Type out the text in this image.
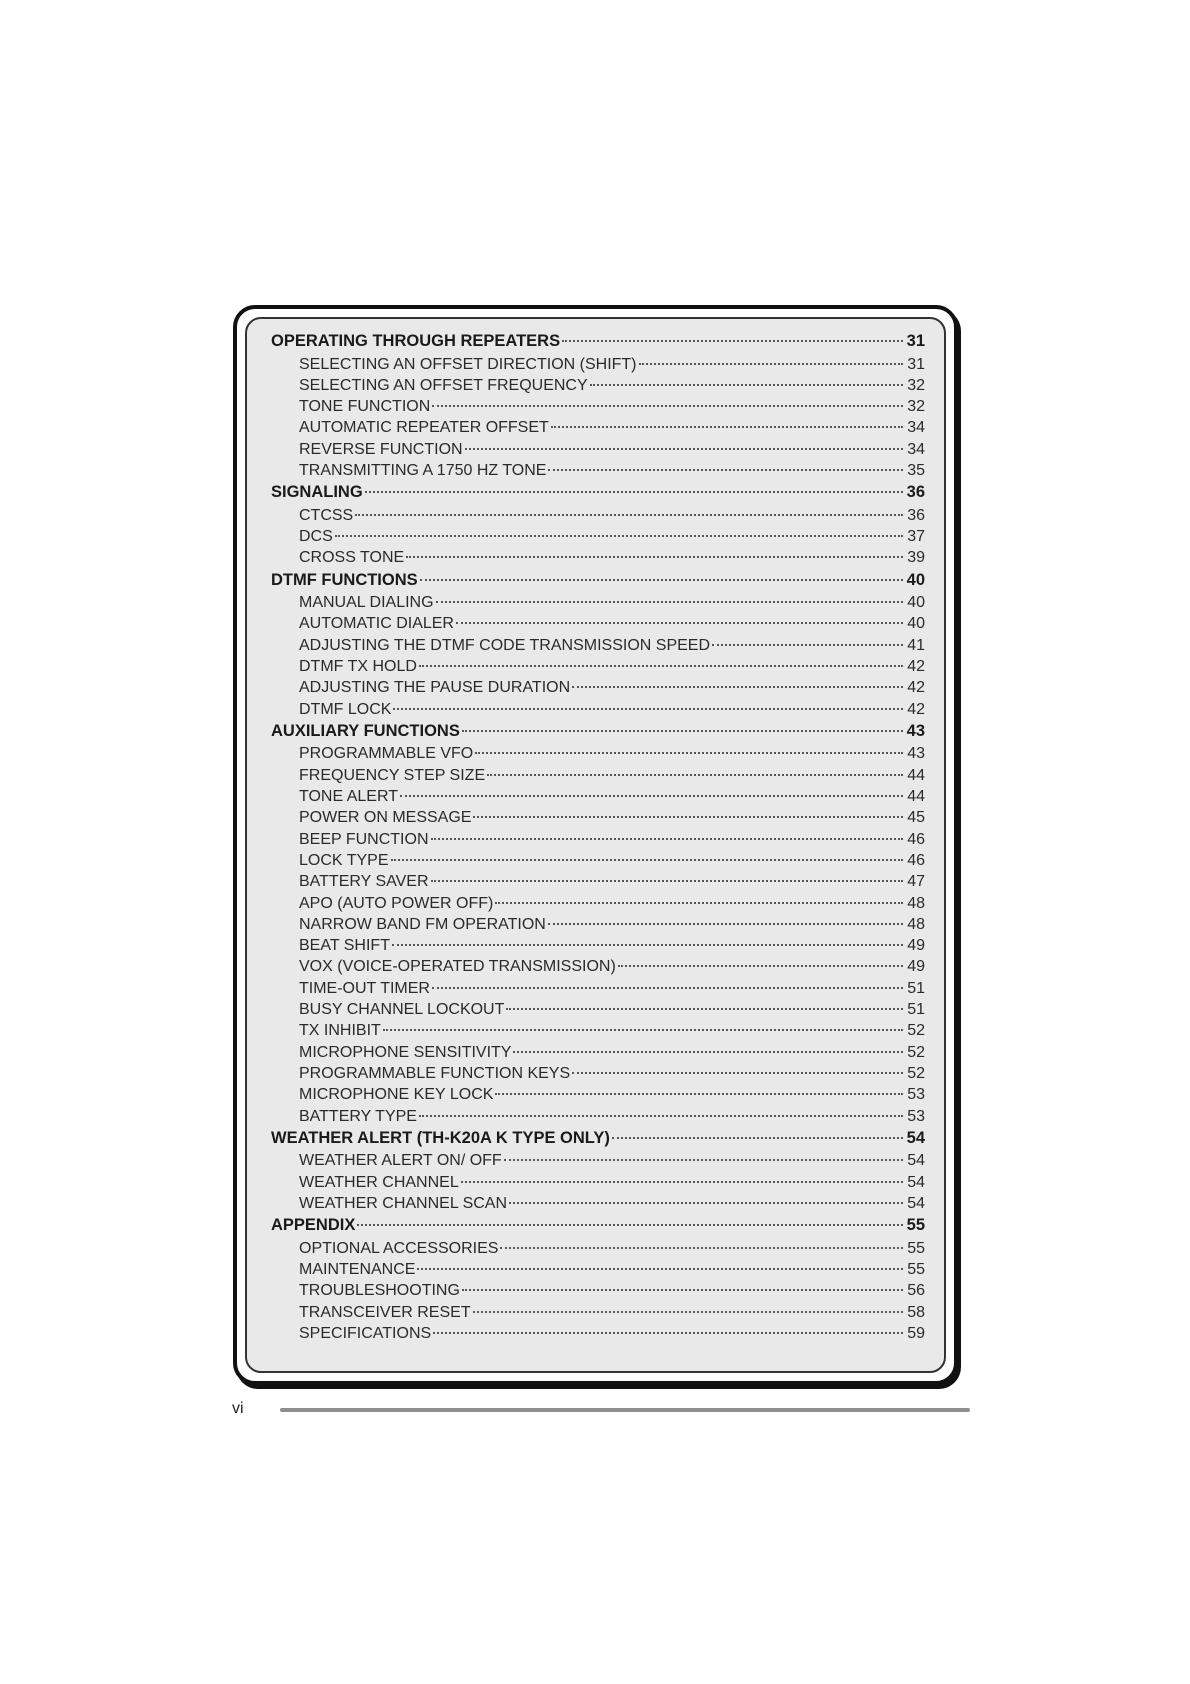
OPERATING THROUGH REPEATERS	31
SELECTING AN OFFSET DIRECTION (SHIFT)	31
SELECTING AN OFFSET FREQUENCY	32
TONE FUNCTION	32
AUTOMATIC REPEATER OFFSET	34
REVERSE FUNCTION	34
TRANSMITTING A 1750 HZ TONE	35
SIGNALING	36
CTCSS	36
DCS	37
CROSS TONE	39
DTMF FUNCTIONS	40
MANUAL DIALING	40
AUTOMATIC DIALER	40
ADJUSTING THE DTMF CODE TRANSMISSION SPEED	41
DTMF TX HOLD	42
ADJUSTING THE PAUSE DURATION	42
DTMF LOCK	42
AUXILIARY FUNCTIONS	43
PROGRAMMABLE VFO	43
FREQUENCY STEP SIZE	44
TONE ALERT	44
POWER ON MESSAGE	45
BEEP FUNCTION	46
LOCK TYPE	46
BATTERY SAVER	47
APO (AUTO POWER OFF)	48
NARROW BAND FM OPERATION	48
BEAT SHIFT	49
VOX (VOICE-OPERATED TRANSMISSION)	49
TIME-OUT TIMER	51
BUSY CHANNEL LOCKOUT	51
TX INHIBIT	52
MICROPHONE SENSITIVITY	52
PROGRAMMABLE FUNCTION KEYS	52
MICROPHONE KEY LOCK	53
BATTERY TYPE	53
WEATHER ALERT (TH-K20A K TYPE ONLY)	54
WEATHER ALERT ON/ OFF	54
WEATHER CHANNEL	54
WEATHER CHANNEL SCAN	54
APPENDIX	55
OPTIONAL ACCESSORIES	55
MAINTENANCE	55
TROUBLESHOOTING	56
TRANSCEIVER RESET	58
SPECIFICATIONS	59
vi
